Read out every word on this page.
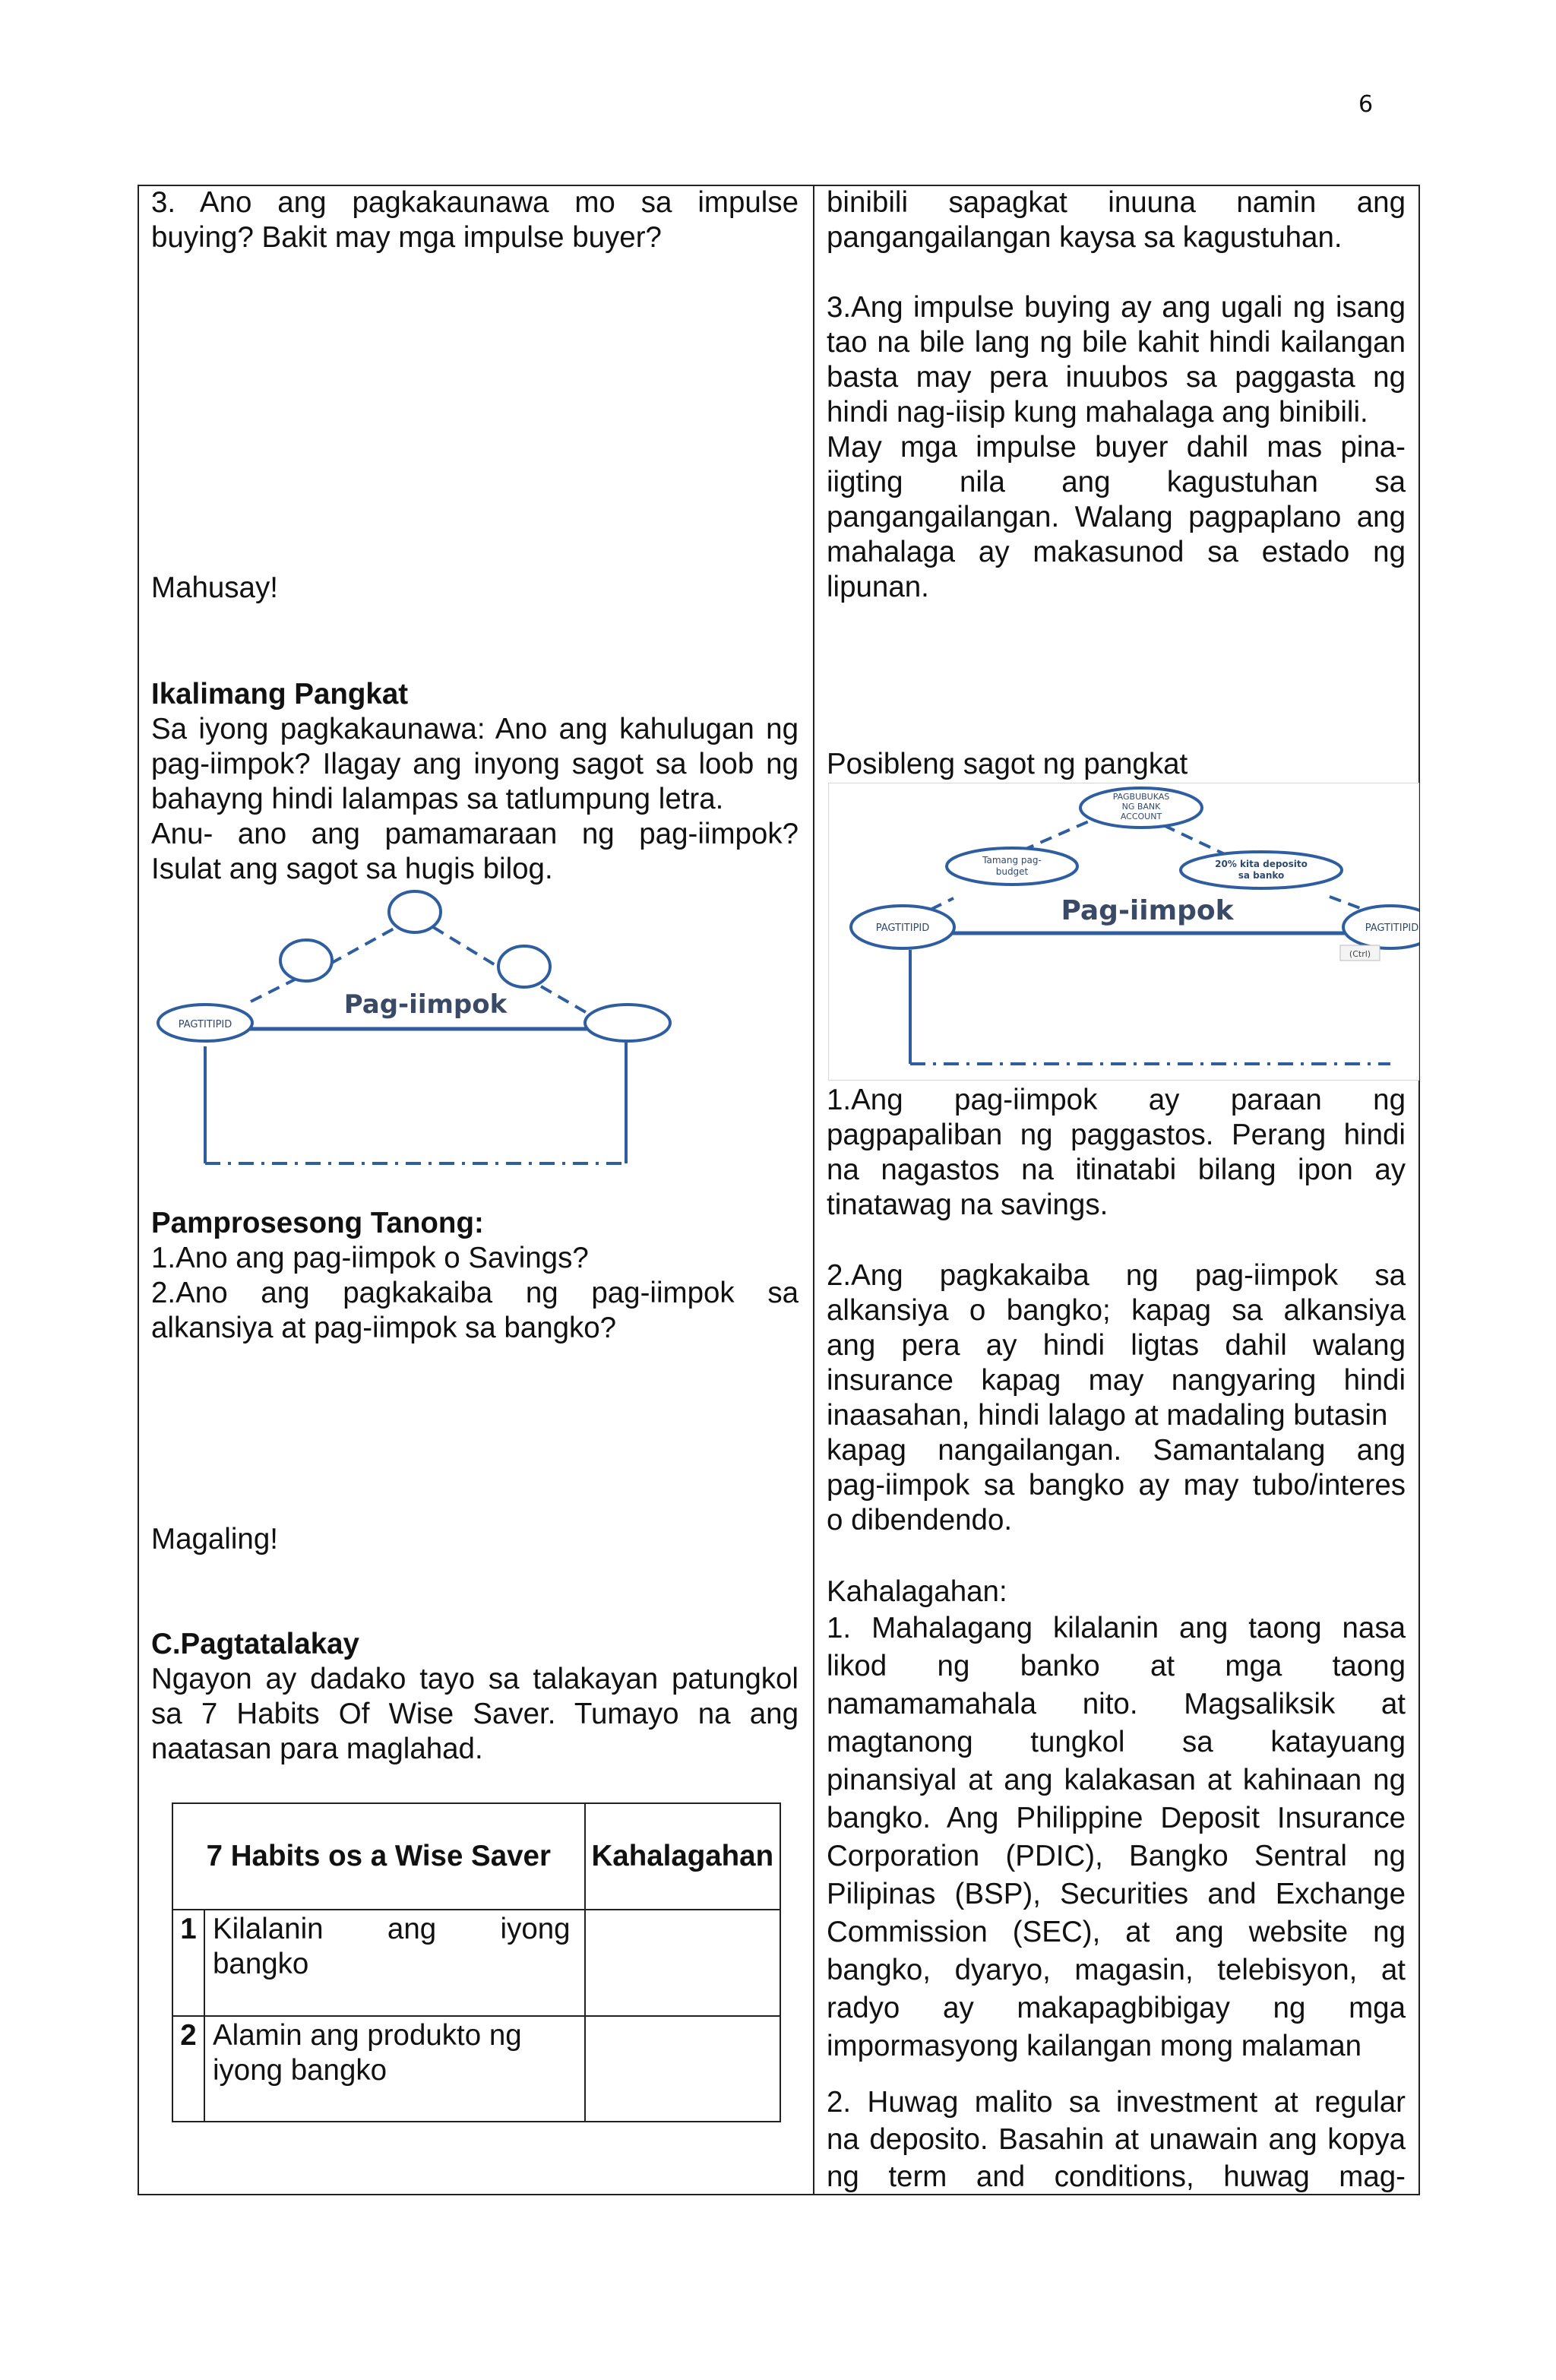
6
3. Ano ang pagkakaunawa mo sa impulse
buying? Bakit may mga impulse buyer?
Mahusay!
Ikalimang Pangkat
Sa iyong pagkakaunawa: Ano ang kahulugan ng
pag-iimpok? Ilagay ang inyong sagot sa loob ng
bahayng hindi lalampas sa tatlumpung letra.
Anu- ano ang pamamaraan ng pag-iimpok?
Isulat ang sagot sa hugis bilog.
PAGTITIPID
Pag-iimpok
Pamprosesong Tanong:
1.Ano ang pag-iimpok o Savings?
2.Ano ang pagkakaiba ng pag-iimpok sa
alkansiya at pag-iimpok sa bangko?
Magaling!
C.Pagtatalakay
Ngayon ay dadako tayo sa talakayan patungkol
sa 7 Habits Of Wise Saver. Tumayo na ang
naatasan para maglahad.
7 Habits os a Wise Saver		Kahalagahan
1	Kilalanin ang iyong
bangko	

2	Alamin ang produkto ng
iyong bangko	

binibili sapagkat inuuna namin ang
pangangailangan kaysa sa kagustuhan.
3.Ang impulse buying ay ang ugali ng isang
tao na bile lang ng bile kahit hindi kailangan
basta may pera inuubos sa paggasta ng
hindi nag-iisip kung mahalaga ang binibili.
May mga impulse buyer dahil mas pina-
iigting nila ang kagustuhan sa
pangangailangan. Walang pagpaplano ang
mahalaga ay makasunod sa estado ng
lipunan.
Posibleng sagot ng pangkat
PAGBUBUKAS
NG BANK
ACCOUNT
Tamang pag-
budget
20% kita deposito
sa banko
PAGTITIPID	PAGTITIPID
Pag-iimpok
(Ctrl)
1.Ang pag-iimpok ay paraan ng
pagpapaliban ng paggastos. Perang hindi
na nagastos na itinatabi bilang ipon ay
tinatawag na savings.
2.Ang pagkakaiba ng pag-iimpok sa
alkansiya o bangko; kapag sa alkansiya
ang pera ay hindi ligtas dahil walang
insurance kapag may nangyaring hindi
inaasahan, hindi lalago at madaling butasin
kapag nangailangan. Samantalang ang
pag-iimpok sa bangko ay may tubo/interes
o dibendendo.
Kahalagahan:
1. Mahalagang kilalanin ang taong nasa
likod ng banko at mga taong
namamamahala nito. Magsaliksik at
magtanong tungkol sa katayuang
pinansiyal at ang kalakasan at kahinaan ng
bangko. Ang Philippine Deposit Insurance
Corporation (PDIC), Bangko Sentral ng
Pilipinas (BSP), Securities and Exchange
Commission (SEC), at ang website ng
bangko, dyaryo, magasin, telebisyon, at
radyo ay makapagbibigay ng mga
impormasyong kailangan mong malaman
2. Huwag malito sa investment at regular
na deposito. Basahin at unawain ang kopya
ng term and conditions, huwag mag-
